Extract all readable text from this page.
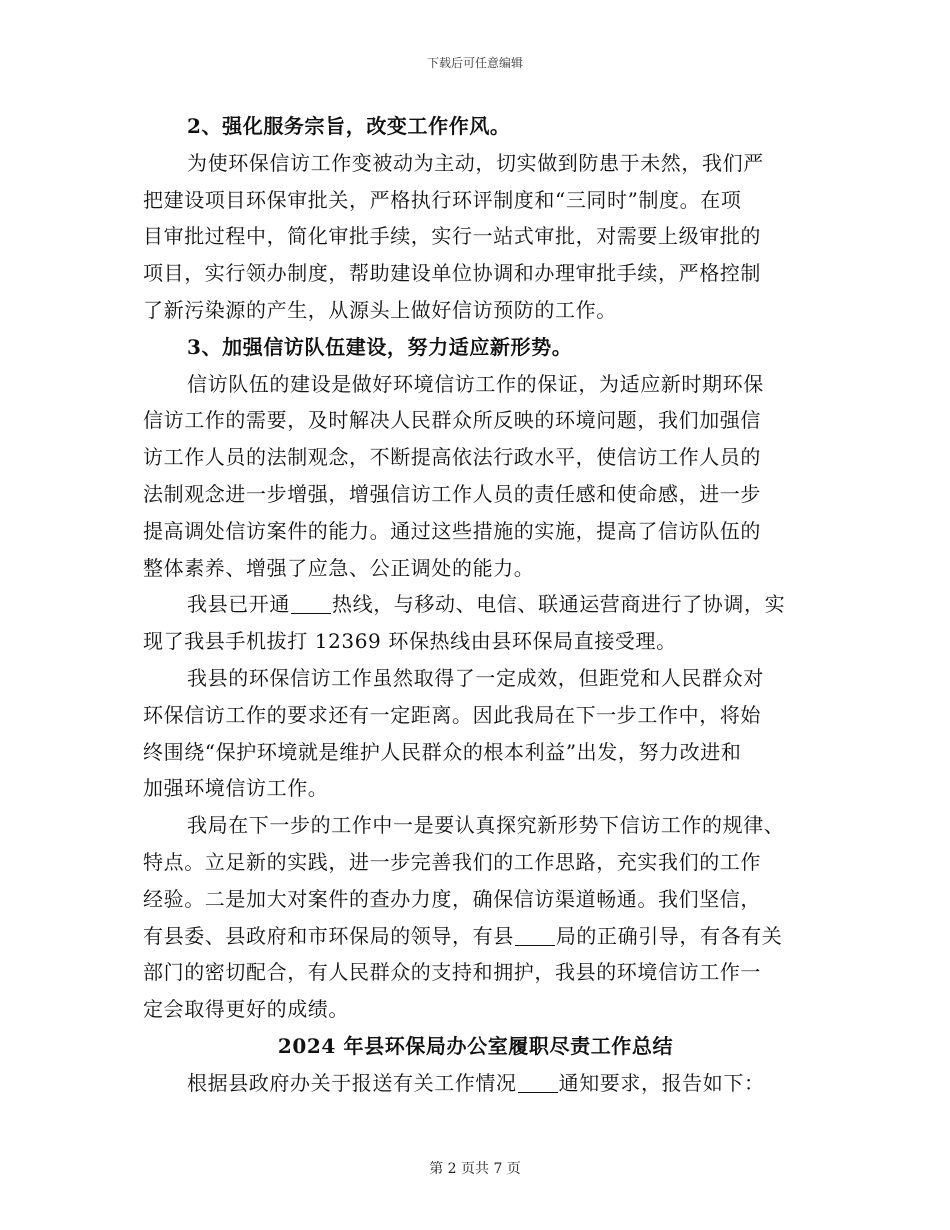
下载后可任意编辑
2、强化服务宗旨，改变工作作风。
为使环保信访工作变被动为主动，切实做到防患于未然，我们严
把建设项目环保审批关，严格执行环评制度和“三同时”制度。在项
目审批过程中，简化审批手续，实行一站式审批，对需要上级审批的
项目，实行领办制度，帮助建设单位协调和办理审批手续，严格控制
了新污染源的产生，从源头上做好信访预防的工作。
3、加强信访队伍建设，努力适应新形势。
信访队伍的建设是做好环境信访工作的保证，为适应新时期环保
信访工作的需要，及时解决人民群众所反映的环境问题，我们加强信
访工作人员的法制观念，不断提高依法行政水平，使信访工作人员的
法制观念进一步增强，增强信访工作人员的责任感和使命感，进一步
提高调处信访案件的能力。通过这些措施的实施，提高了信访队伍的
整体素养、增强了应急、公正调处的能力。
我县已开通 热线，与移动、电信、联通运营商进行了协调，实
现了我县手机拔打 12369 环保热线由县环保局直接受理。
我县的环保信访工作虽然取得了一定成效，但距党和人民群众对
环保信访工作的要求还有一定距离。因此我局在下一步工作中，将始
终围绕“保护环境就是维护人民群众的根本利益”出发，努力改进和
加强环境信访工作。
我局在下一步的工作中一是要认真探究新形势下信访工作的规律、
特点。立足新的实践，进一步完善我们的工作思路，充实我们的工作
经验。二是加大对案件的查办力度，确保信访渠道畅通。我们坚信，
有县委、县政府和市环保局的领导，有县 局的正确引导，有各有关
部门的密切配合，有人民群众的支持和拥护，我县的环境信访工作一
定会取得更好的成绩。
2024 年县环保局办公室履职尽责工作总结
根据县政府办关于报送有关工作情况 通知要求，报告如下：
第 2 页共 7 页
